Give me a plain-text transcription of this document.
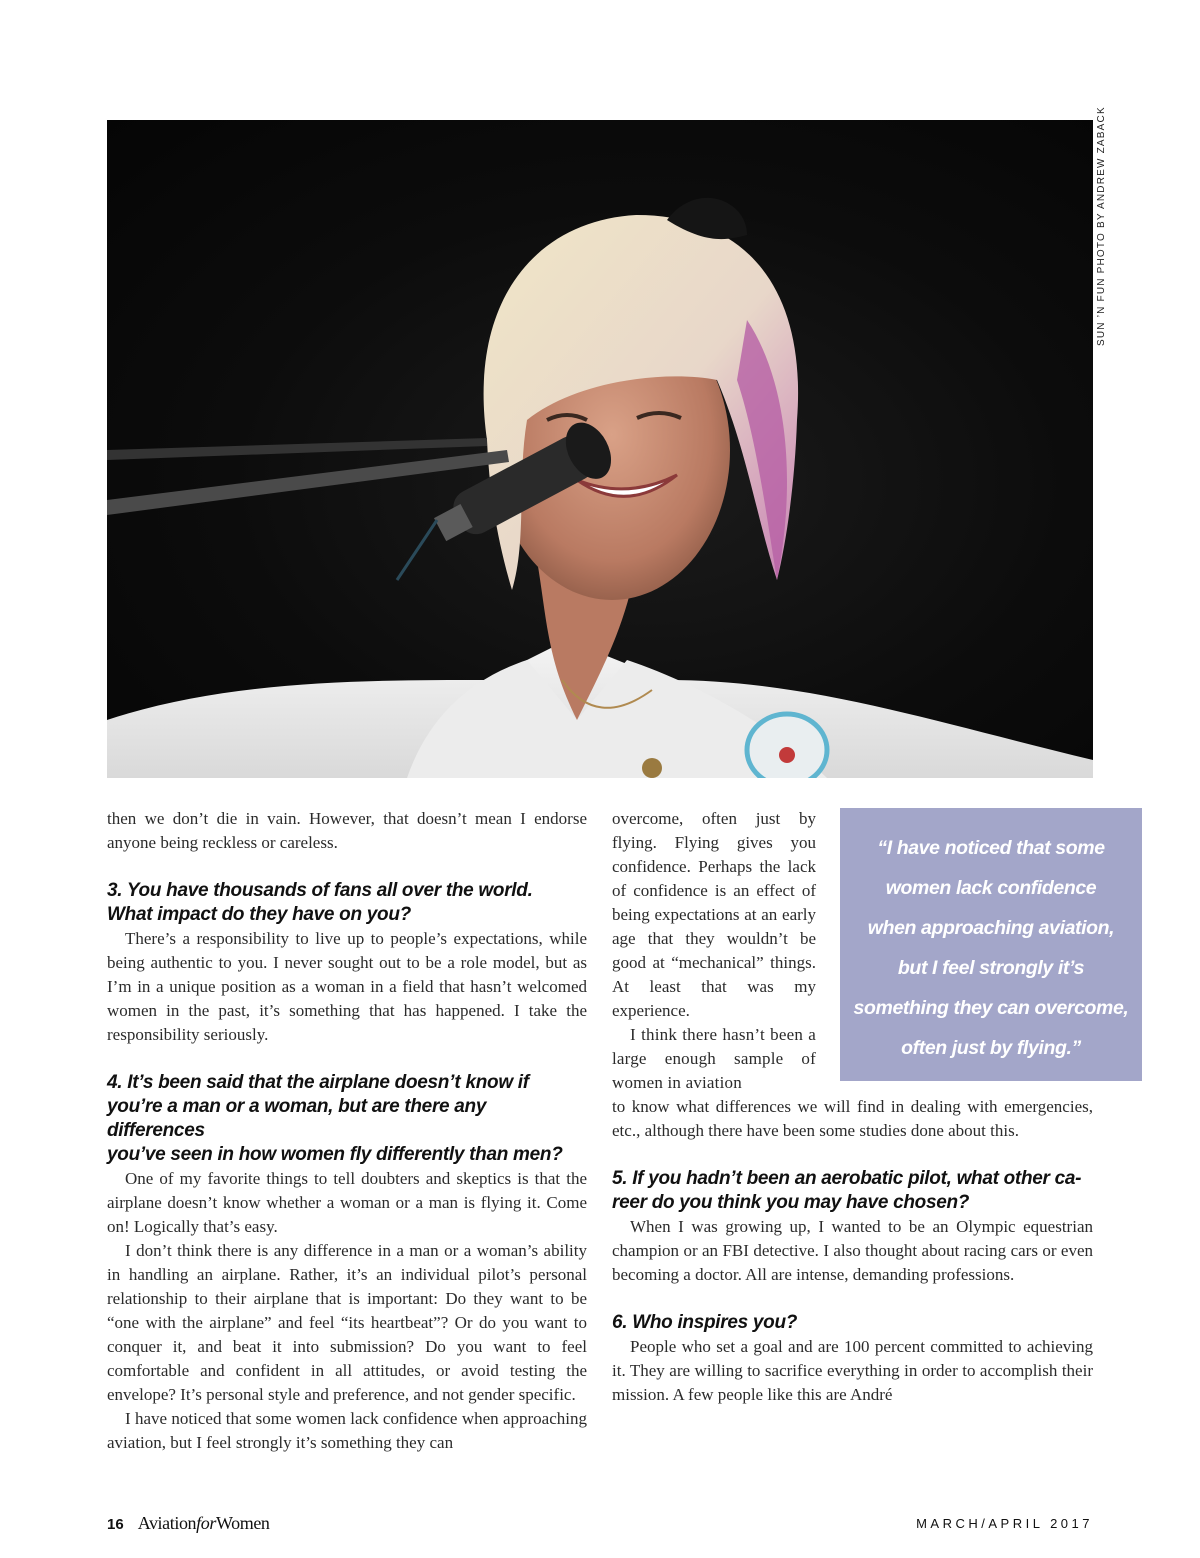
SUN ’N FUN PHOTO BY ANDREW ZABACK

then we don’t die in vain. However, that doesn’t mean I endorse anyone being reckless or careless.

3. You have thousands of fans all over the world.
What impact do they have on you?

There’s a responsibility to live up to people’s expectations, while being authentic to you. I never sought out to be a role model, but as I’m in a unique position as a woman in a field that hasn’t welcomed women in the past, it’s something that has happened. I take the responsibility seriously.

4. It’s been said that the airplane doesn’t know if
you’re a man or a woman, but are there any differences
you’ve seen in how women fly differently than men?

One of my favorite things to tell doubters and skeptics is that the airplane doesn’t know whether a woman or a man is flying it. Come on! Logically that’s easy.

I don’t think there is any difference in a man or a woman’s ability in handling an airplane. Rather, it’s an individual pilot’s personal relationship to their airplane that is important: Do they want to be “one with the airplane” and feel “its heartbeat”? Or do you want to conquer it, and beat it into submission? Do you want to feel comfortable and confident in all attitudes, or avoid testing the envelope? It’s personal style and preference, and not gender specific.

I have noticed that some women lack confidence when approaching aviation, but I feel strongly it’s something they can

overcome, often just by flying. Flying gives you confidence. Perhaps the lack of confidence is an effect of being expectations at an early age that they wouldn’t be good at “mechanical” things. At least that was my experience.

I think there hasn’t been a large enough sample of women in aviation

“I have noticed that some
women lack confidence
when approaching aviation,
but I feel strongly it’s
something they can overcome,
often just by flying.”

to know what differences we will find in dealing with emergencies, etc., although there have been some studies done about this.

5. If you hadn’t been an aerobatic pilot, what other ca-
reer do you think you may have chosen?

When I was growing up, I wanted to be an Olympic equestrian champion or an FBI detective. I also thought about racing cars or even becoming a doctor. All are intense, demanding professions.

6. Who inspires you?

People who set a goal and are 100 percent committed to achieving it. They are willing to sacrifice everything in order to accomplish their mission. A few people like this are André

16 AviationforWomen	MARCH/APRIL 2017
